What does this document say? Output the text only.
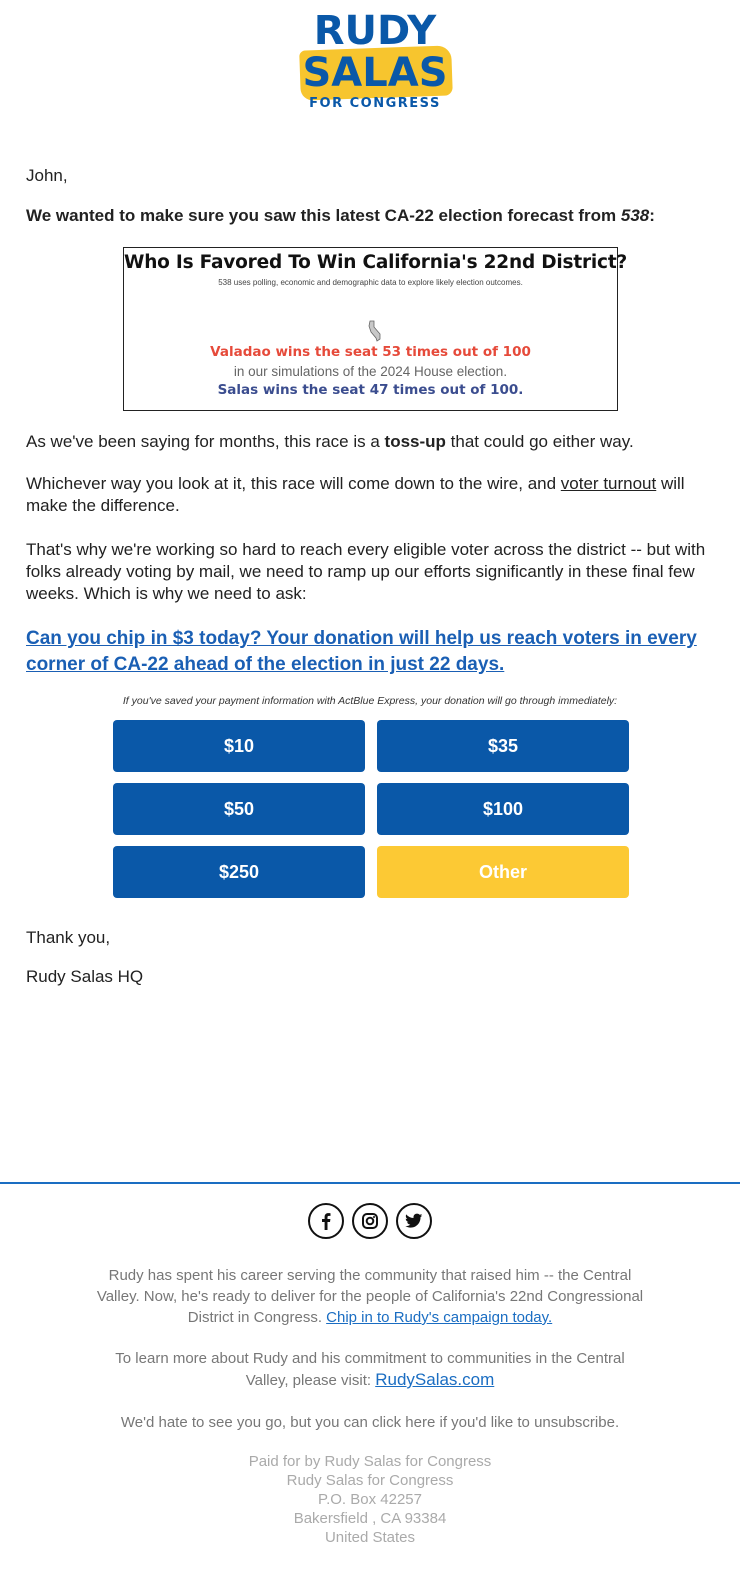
RUDY
SALAS
FOR CONGRESS

John,

We wanted to make sure you saw this latest CA-22 election forecast from 538:

Who Is Favored To Win California's 22nd District?
538 uses polling, economic and demographic data to explore likely election outcomes.
Valadao wins the seat 53 times out of 100
in our simulations of the 2024 House election.
Salas wins the seat 47 times out of 100.

As we've been saying for months, this race is a toss-up that could go either way.

Whichever way you look at it, this race will come down to the wire, and voter turnout will make the difference.

That's why we're working so hard to reach every eligible voter across the district -- but with folks already voting by mail, we need to ramp up our efforts significantly in these final few weeks. Which is why we need to ask:

Can you chip in $3 today? Your donation will help us reach voters in every corner of CA-22 ahead of the election in just 22 days.
If you've saved your payment information with ActBlue Express, your donation will go through immediately:
$10	$35
$50	$100
$250	Other

Thank you,

Rudy Salas HQ

Rudy has spent his career serving the community that raised him -- the Central Valley. Now, he's ready to deliver for the people of California's 22nd Congressional District in Congress. Chip in to Rudy's campaign today.

To learn more about Rudy and his commitment to communities in the Central Valley, please visit: RudySalas.com

We'd hate to see you go, but you can click here if you'd like to unsubscribe.

Paid for by Rudy Salas for Congress
Rudy Salas for Congress
P.O. Box 42257
Bakersfield , CA 93384
United States
